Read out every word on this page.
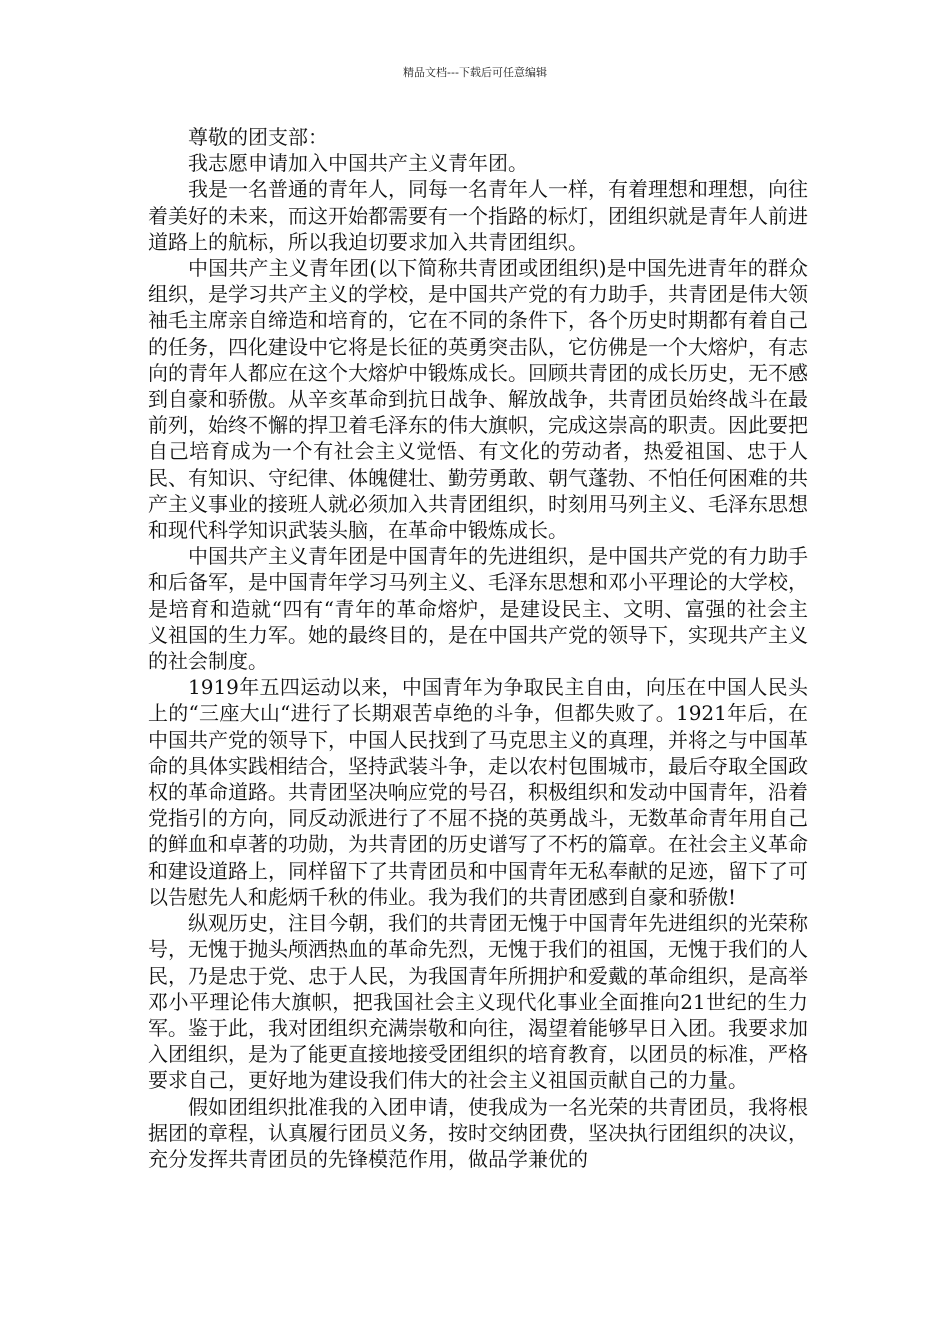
精品文档---下载后可任意编辑

尊敬的团支部：

我志愿申请加入中国共产主义青年团。

我是一名普通的青年人，同每一名青年人一样，有着理想和理想，向往着美好的未来，而这开始都需要有一个指路的标灯，团组织就是青年人前进道路上的航标，所以我迫切要求加入共青团组织。

中国共产主义青年团(以下简称共青团或团组织)是中国先进青年的群众组织，是学习共产主义的学校，是中国共产党的有力助手，共青团是伟大领袖毛主席亲自缔造和培育的，它在不同的条件下，各个历史时期都有着自己的任务，四化建设中它将是长征的英勇突击队，它仿佛是一个大熔炉，有志向的青年人都应在这个大熔炉中锻炼成长。回顾共青团的成长历史，无不感到自豪和骄傲。从辛亥革命到抗日战争、解放战争，共青团员始终战斗在最前列，始终不懈的捍卫着毛泽东的伟大旗帜，完成这崇高的职责。因此要把自己培育成为一个有社会主义觉悟、有文化的劳动者，热爱祖国、忠于人民、有知识、守纪律、体魄健壮、勤劳勇敢、朝气蓬勃、不怕任何困难的共产主义事业的接班人就必须加入共青团组织，时刻用马列主义、毛泽东思想和现代科学知识武装头脑，在革命中锻炼成长。

中国共产主义青年团是中国青年的先进组织，是中国共产党的有力助手和后备军，是中国青年学习马列主义、毛泽东思想和邓小平理论的大学校，是培育和造就“四有“青年的革命熔炉，是建设民主、文明、富强的社会主义祖国的生力军。她的最终目的，是在中国共产党的领导下，实现共产主义的社会制度。

1919年五四运动以来，中国青年为争取民主自由，向压在中国人民头上的“三座大山“进行了长期艰苦卓绝的斗争，但都失败了。1921年后，在中国共产党的领导下，中国人民找到了马克思主义的真理，并将之与中国革命的具体实践相结合，坚持武装斗争，走以农村包围城市，最后夺取全国政权的革命道路。共青团坚决响应党的号召，积极组织和发动中国青年，沿着党指引的方向，同反动派进行了不屈不挠的英勇战斗，无数革命青年用自己的鲜血和卓著的功勋，为共青团的历史谱写了不朽的篇章。在社会主义革命和建设道路上，同样留下了共青团员和中国青年无私奉献的足迹，留下了可以告慰先人和彪炳千秋的伟业。我为我们的共青团感到自豪和骄傲!

纵观历史，注目今朝，我们的共青团无愧于中国青年先进组织的光荣称号，无愧于抛头颅洒热血的革命先烈，无愧于我们的祖国，无愧于我们的人民，乃是忠于党、忠于人民，为我国青年所拥护和爱戴的革命组织，是高举邓小平理论伟大旗帜，把我国社会主义现代化事业全面推向21世纪的生力军。鉴于此，我对团组织充满崇敬和向往，渴望着能够早日入团。我要求加入团组织，是为了能更直接地接受团组织的培育教育，以团员的标准，严格要求自己，更好地为建设我们伟大的社会主义祖国贡献自己的力量。

假如团组织批准我的入团申请，使我成为一名光荣的共青团员，我将根据团的章程，认真履行团员义务，按时交纳团费，坚决执行团组织的决议，充分发挥共青团员的先锋模范作用，做品学兼优的
